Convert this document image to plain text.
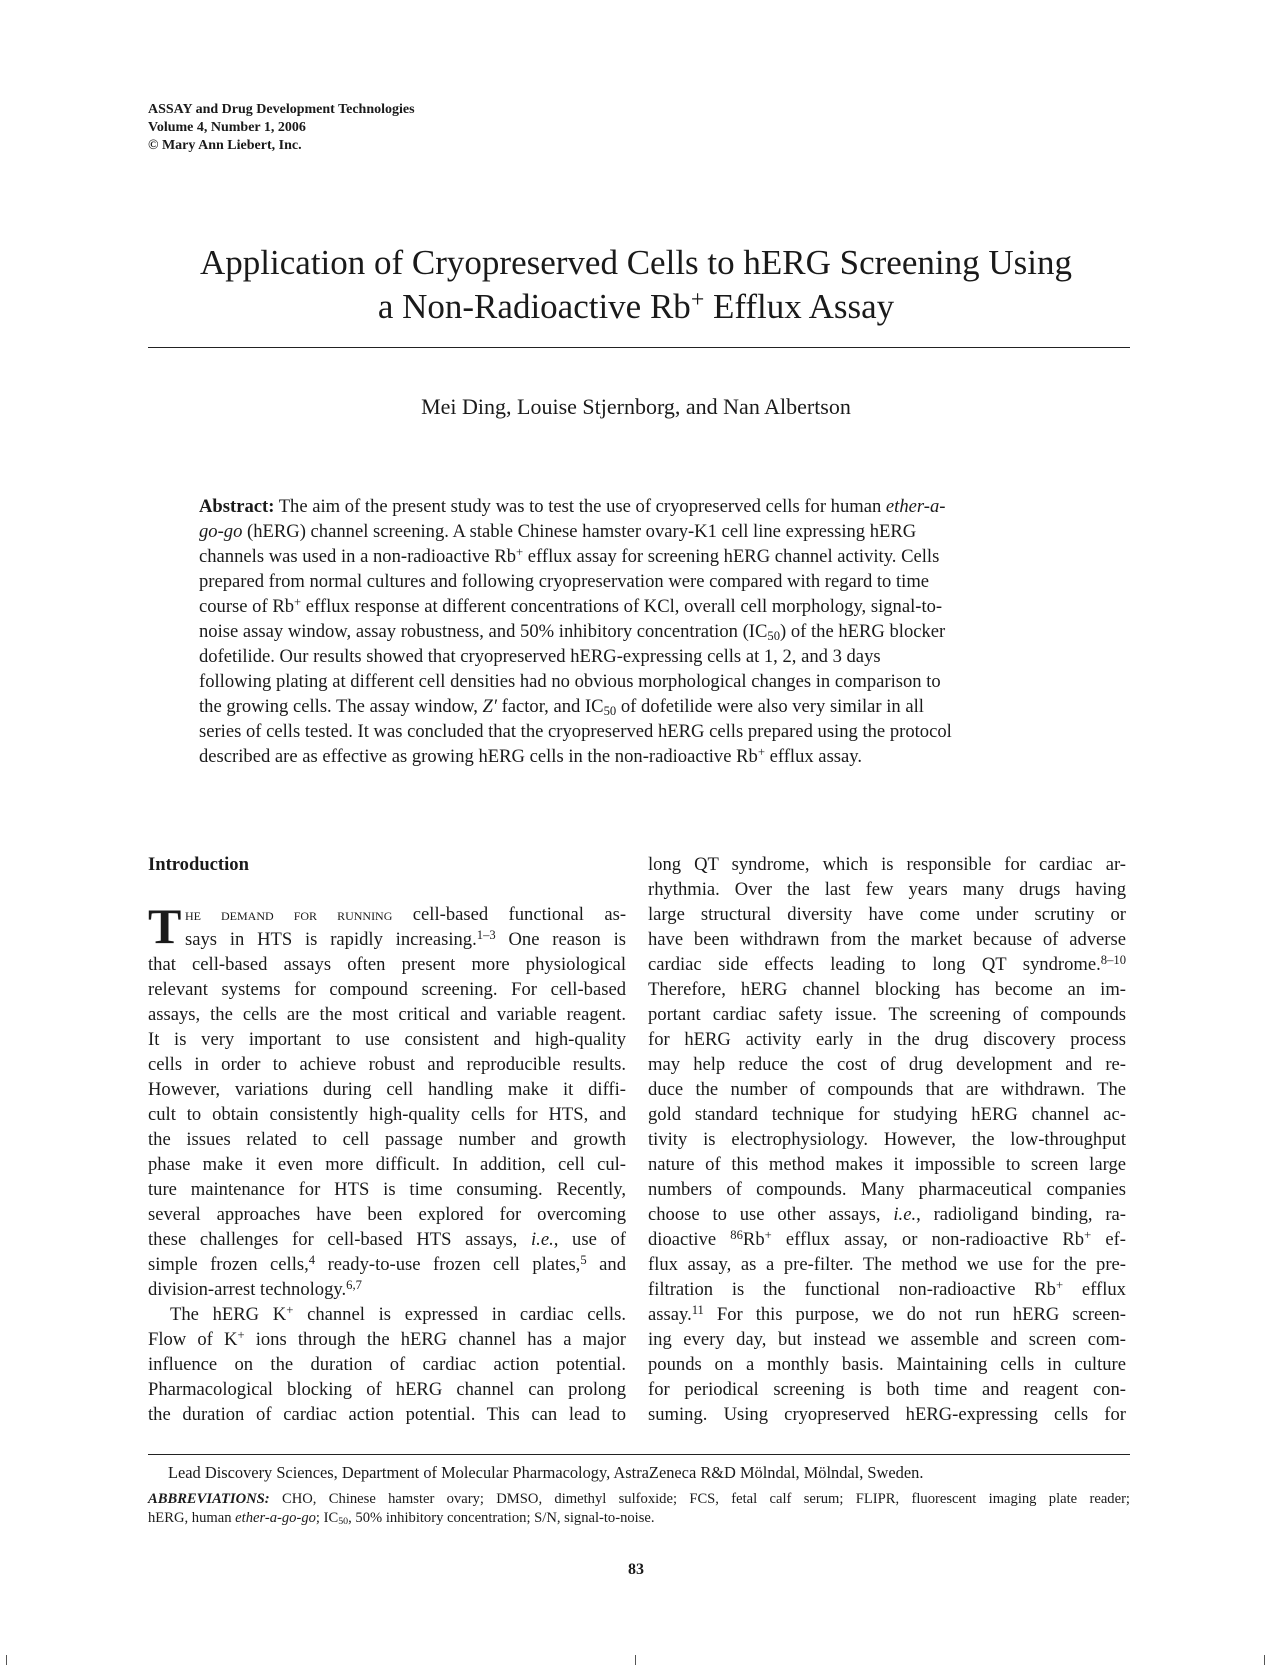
ASSAY and Drug Development Technologies
Volume 4, Number 1, 2006
© Mary Ann Liebert, Inc.
Application of Cryopreserved Cells to hERG Screening Using
a Non-Radioactive Rb+ Efflux Assay
Mei Ding, Louise Stjernborg, and Nan Albertson
Abstract: The aim of the present study was to test the use of cryopreserved cells for human ether-a-
go-go (hERG) channel screening. A stable Chinese hamster ovary-K1 cell line expressing hERG
channels was used in a non-radioactive Rb+ efflux assay for screening hERG channel activity. Cells
prepared from normal cultures and following cryopreservation were compared with regard to time
course of Rb+ efflux response at different concentrations of KCl, overall cell morphology, signal-to-
noise assay window, assay robustness, and 50% inhibitory concentration $(IC_{50})$ of the hERG blocker
dofetilide. Our results showed that cryopreserved hERG-expressing cells at 1, 2, and 3 days
following plating at different cell densities had no obvious morphological changes in comparison to
the growing cells. The assay window, Z′ factor, and $IC_{50}$ of dofetilide were also very similar in all
series of cells tested. It was concluded that the cryopreserved hERG cells prepared using the protocol
described are as effective as growing hERG cells in the non-radioactive Rb+ efflux assay.
Introduction
T he demand for running cell-based functional as-
says in HTS is rapidly increasing.$^{1-3}$ One reason is
that cell-based assays often present more physiological
relevant systems for compound screening. For cell-based
assays, the cells are the most critical and variable reagent.
It is very important to use consistent and high-quality
cells in order to achieve robust and reproducible results.
However, variations during cell handling make it diffi-
cult to obtain consistently high-quality cells for HTS, and
the issues related to cell passage number and growth
phase make it even more difficult. In addition, cell cul-
ture maintenance for HTS is time consuming. Recently,
several approaches have been explored for overcoming
these challenges for cell-based HTS assays, i.e., use of
simple frozen cells,$^4$ ready-to-use frozen cell plates,$^5$ and
division-arrest technology.$^{6,7}$
The hERG K+ channel is expressed in cardiac cells.
Flow of K+ ions through the hERG channel has a major
influence on the duration of cardiac action potential.
Pharmacological blocking of hERG channel can prolong
the duration of cardiac action potential. This can lead to
long QT syndrome, which is responsible for cardiac ar-
rhythmia. Over the last few years many drugs having
large structural diversity have come under scrutiny or
have been withdrawn from the market because of adverse
cardiac side effects leading to long QT syndrome.$^{8-10}$
Therefore, hERG channel blocking has become an im-
portant cardiac safety issue. The screening of compounds
for hERG activity early in the drug discovery process
may help reduce the cost of drug development and re-
duce the number of compounds that are withdrawn. The
gold standard technique for studying hERG channel ac-
tivity is electrophysiology. However, the low-throughput
nature of this method makes it impossible to screen large
numbers of compounds. Many pharmaceutical companies
choose to use other assays, i.e., radioligand binding, ra-
dioactive $^{86}$Rb+ efflux assay, or non-radioactive Rb+ ef-
flux assay, as a pre-filter. The method we use for the pre-
filtration is the functional non-radioactive Rb+ efflux
assay.$^{11}$ For this purpose, we do not run hERG screen-
ing every day, but instead we assemble and screen com-
pounds on a monthly basis. Maintaining cells in culture
for periodical screening is both time and reagent con-
suming. Using cryopreserved hERG-expressing cells for
Lead Discovery Sciences, Department of Molecular Pharmacology, AstraZeneca R&D Mölndal, Mölndal, Sweden.
ABBREVIATIONS: CHO, Chinese hamster ovary; DMSO, dimethyl sulfoxide; FCS, fetal calf serum; FLIPR, fluorescent imaging plate reader;
hERG, human ether-a-go-go; $IC_{50}$, 50% inhibitory concentration; S/N, signal-to-noise.
83
